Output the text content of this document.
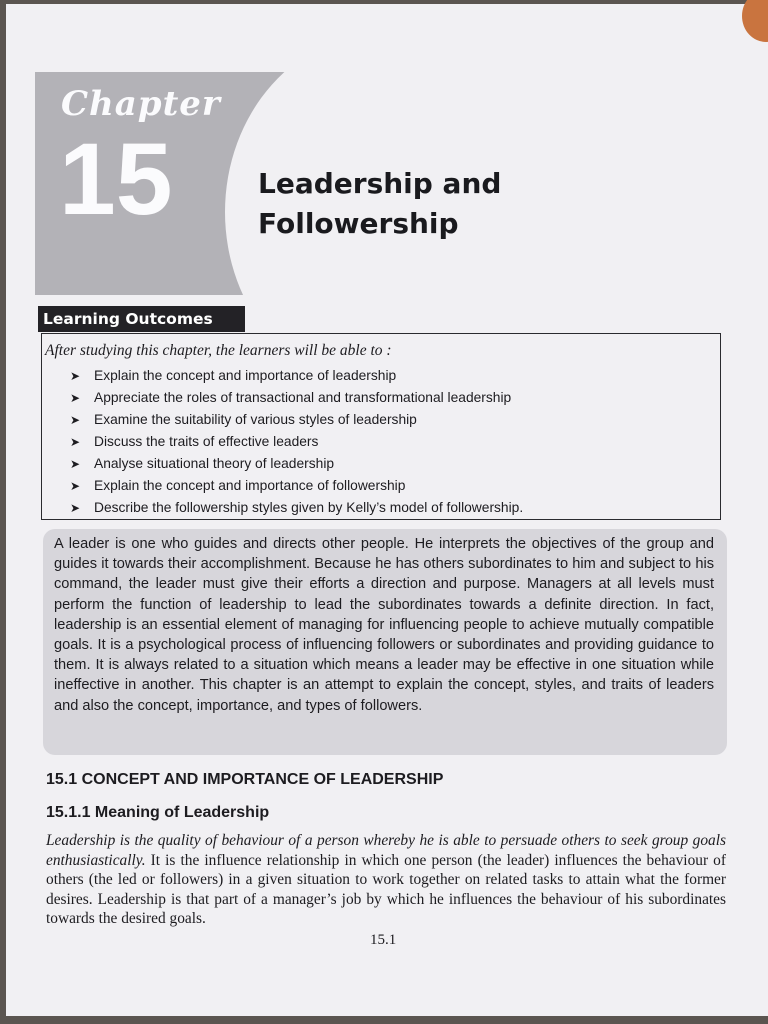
Chapter
15	Leadership and
Followership
Learning Outcomes
After studying this chapter, the learners will be able to :
➤ Explain the concept and importance of leadership
➤ Appreciate the roles of transactional and transformational leadership
➤ Examine the suitability of various styles of leadership
➤ Discuss the traits of effective leaders
➤ Analyse situational theory of leadership
➤ Explain the concept and importance of followership
➤ Describe the followership styles given by Kelly’s model of followership.

A leader is one who guides and directs other people. He interprets the objectives of the group and guides it towards their accomplishment. Because he has others subordinates to him and subject to his command, the leader must give their efforts a direction and purpose. Managers at all levels must perform the function of leadership to lead the subordinates towards a definite direction. In fact, leadership is an essential element of managing for influencing people to achieve mutually compatible goals. It is a psychological process of influencing followers or subordinates and providing guidance to them. It is always related to a situation which means a leader may be effective in one situation while ineffective in another. This chapter is an attempt to explain the concept, styles, and traits of leaders and also the concept, importance, and types of followers.

15.1 CONCEPT AND IMPORTANCE OF LEADERSHIP
15.1.1 Meaning of Leadership

Leadership is the quality of behaviour of a person whereby he is able to persuade others to seek group goals enthusiastically. It is the influence relationship in which one person (the leader) influences the behaviour of others (the led or followers) in a given situation to work together on related tasks to attain what the former desires. Leadership is that part of a manager’s job by which he influences the behaviour of his subordinates towards the desired goals.

15.1
